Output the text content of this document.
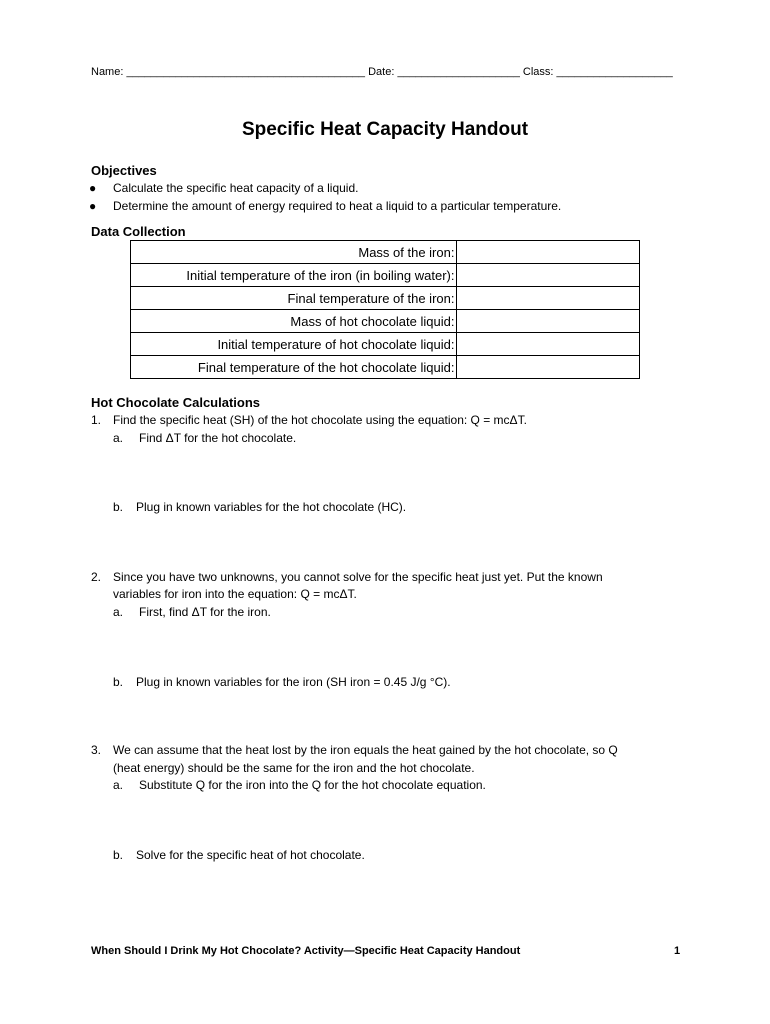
Name: _______________________________________ Date: ____________________ Class: ___________________
Specific Heat Capacity Handout
Objectives
● Calculate the specific heat capacity of a liquid.
● Determine the amount of energy required to heat a liquid to a particular temperature.
Data Collection
Mass of the iron:	
Initial temperature of the iron (in boiling water):	
Final temperature of the iron:	
Mass of hot chocolate liquid:	
Initial temperature of hot chocolate liquid:	
Final temperature of the hot chocolate liquid:	
Hot Chocolate Calculations
1. Find the specific heat (SH) of the hot chocolate using the equation: Q = mcΔT.
a. Find ΔT for the hot chocolate.
b. Plug in known variables for the hot chocolate (HC).
2. Since you have two unknowns, you cannot solve for the specific heat just yet. Put the known
variables for iron into the equation: Q = mcΔT.
a. First, find ΔT for the iron.
b. Plug in known variables for the iron (SH iron = 0.45 J/g °C).
3. We can assume that the heat lost by the iron equals the heat gained by the hot chocolate, so Q
(heat energy) should be the same for the iron and the hot chocolate.
a. Substitute Q for the iron into the Q for the hot chocolate equation.
b. Solve for the specific heat of hot chocolate.
When Should I Drink My Hot Chocolate? Activity—Specific Heat Capacity Handout	1
